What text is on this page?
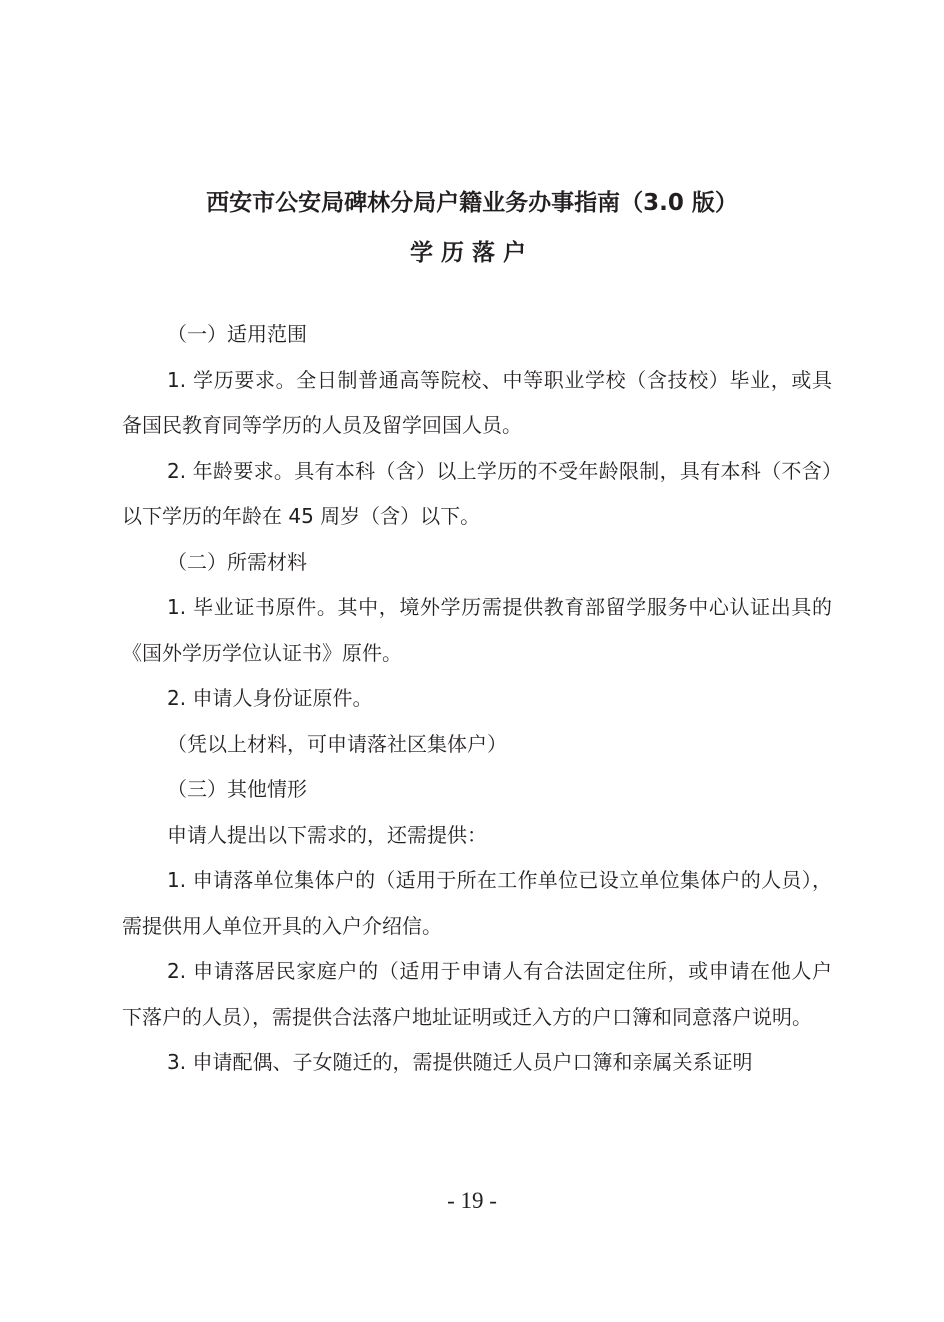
西安市公安局碑林分局户籍业务办事指南（3.0 版）
学历落户

（一）适用范围

1. 学历要求。全日制普通高等院校、中等职业学校（含技校）毕业，或具备国民教育同等学历的人员及留学回国人员。

2. 年龄要求。具有本科（含）以上学历的不受年龄限制，具有本科（不含）以下学历的年龄在 45 周岁（含）以下。

（二）所需材料

1. 毕业证书原件。其中，境外学历需提供教育部留学服务中心认证出具的《国外学历学位认证书》原件。

2. 申请人身份证原件。

（凭以上材料，可申请落社区集体户）

（三）其他情形

申请人提出以下需求的，还需提供：

1. 申请落单位集体户的（适用于所在工作单位已设立单位集体户的人员），需提供用人单位开具的入户介绍信。

2. 申请落居民家庭户的（适用于申请人有合法固定住所，或申请在他人户下落户的人员），需提供合法落户地址证明或迁入方的户口簿和同意落户说明。

3. 申请配偶、子女随迁的，需提供随迁人员户口簿和亲属关系证明

- 19 -
